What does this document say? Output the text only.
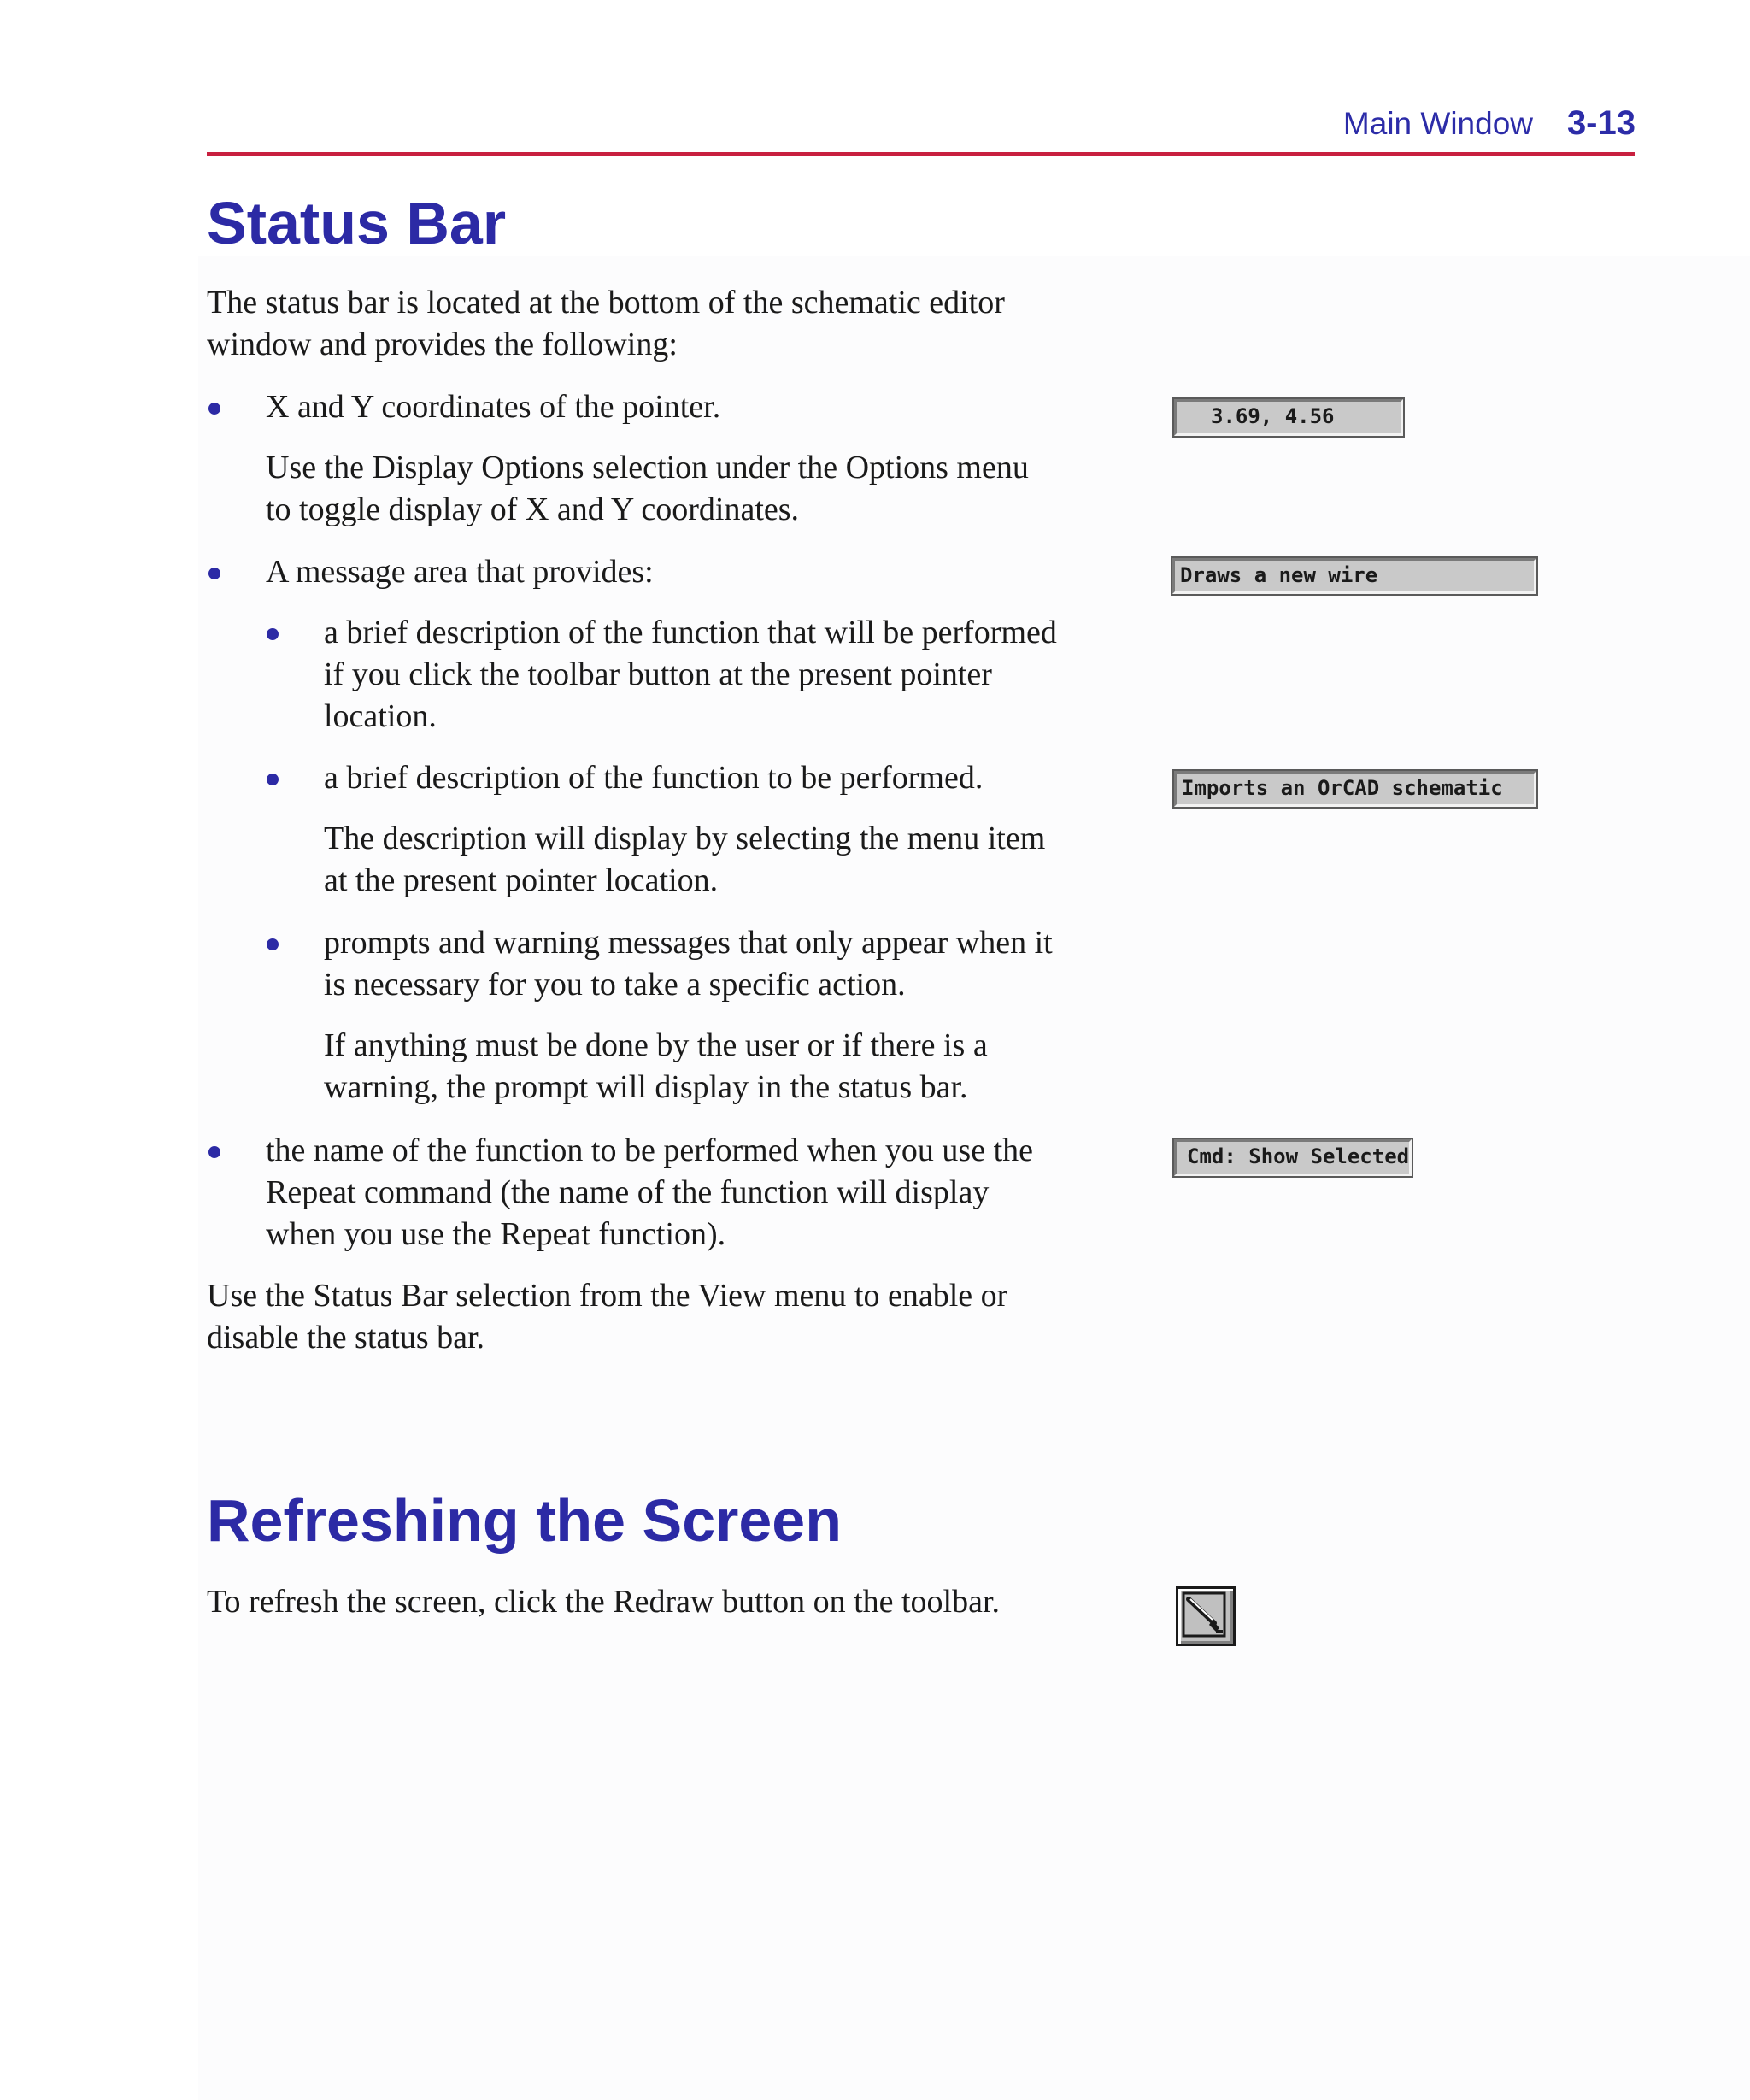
Main Window 3-13
Status Bar

The status bar is located at the bottom of the schematic editor

window and provides the following:

X and Y coordinates of the pointer.

Use the Display Options selection under the Options menu

to toggle display of X and Y coordinates.

A message area that provides:

a brief description of the function that will be performed

if you click the toolbar button at the present pointer

location.

a brief description of the function to be performed.

The description will display by selecting the menu item

at the present pointer location.

prompts and warning messages that only appear when it

is necessary for you to take a specific action.

If anything must be done by the user or if there is a

warning, the prompt will display in the status bar.

the name of the function to be performed when you use the

Repeat command (the name of the function will display

when you use the Repeat function).

Use the Status Bar selection from the View menu to enable or

disable the status bar.

3.69, 4.56
Draws a new wire
Imports an OrCAD schematic
Cmd: Show Selected
Refreshing the Screen

To refresh the screen, click the Redraw button on the toolbar.
